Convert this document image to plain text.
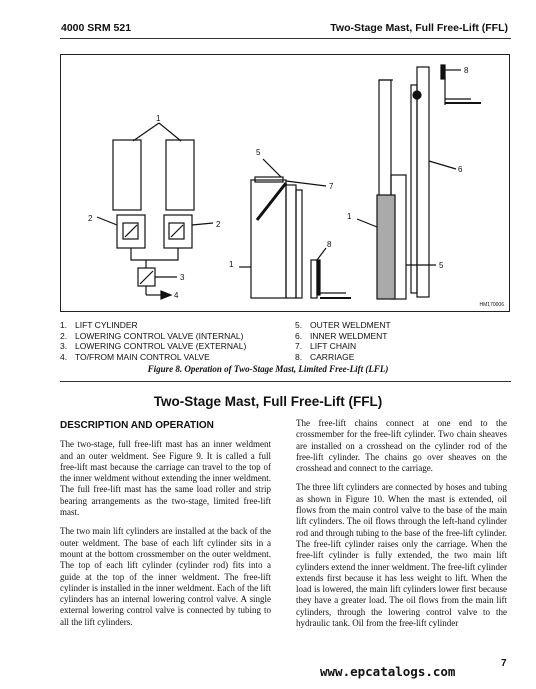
4000 SRM 521	Two-Stage Mast, Full Free-Lift (FFL)
1
2
2
3
4
5
7
1
8
1
8
6
5
HM170006
1. LIFT CYLINDER
2. LOWERING CONTROL VALVE (INTERNAL)
3. LOWERING CONTROL VALVE (EXTERNAL)
4. TO/FROM MAIN CONTROL VALVE
5. OUTER WELDMENT
6. INNER WELDMENT
7. LIFT CHAIN
8. CARRIAGE
Figure 8. Operation of Two-Stage Mast, Limited Free-Lift (LFL)
Two-Stage Mast, Full Free-Lift (FFL)
DESCRIPTION AND OPERATION

The two-stage, full free-lift mast has an inner weldment and an outer weldment. See Figure 9. It is called a full free-lift mast because the carriage can travel to the top of the inner weldment without extending the inner weldment. The full free-lift mast has the same load roller and strip bearing arrangements as the two-stage, limited free-lift mast.

The two main lift cylinders are installed at the back of the outer weldment. The base of each lift cylinder sits in a mount at the bottom crossmember on the outer weldment. The top of each lift cylinder (cylinder rod) fits into a guide at the top of the inner weldment. The free-lift cylinder is installed in the inner weldment. Each of the lift cylinders has an internal lowering control valve. A single external lowering control valve is connected by tubing to all the lift cylinders.

The free-lift chains connect at one end to the crossmember for the free-lift cylinder. Two chain sheaves are installed on a crosshead on the cylinder rod of the free-lift cylinder. The chains go over sheaves on the crosshead and connect to the carriage.

The three lift cylinders are connected by hoses and tubing as shown in Figure 10. When the mast is extended, oil flows from the main control valve to the base of the main lift cylinders. The oil flows through the left-hand cylinder rod and through tubing to the base of the free-lift cylinder. The free-lift cylinder raises only the carriage. When the free-lift cylinder is fully extended, the two main lift cylinders extend the inner weldment. The free-lift cylinder extends first because it has less weight to lift. When the load is lowered, the main lift cylinders lower first because they have a greater load. The oil flows from the main lift cylinders, through the lowering control valve to the hydraulic tank. Oil from the free-lift cylinder

www.epcatalogs.com
7
